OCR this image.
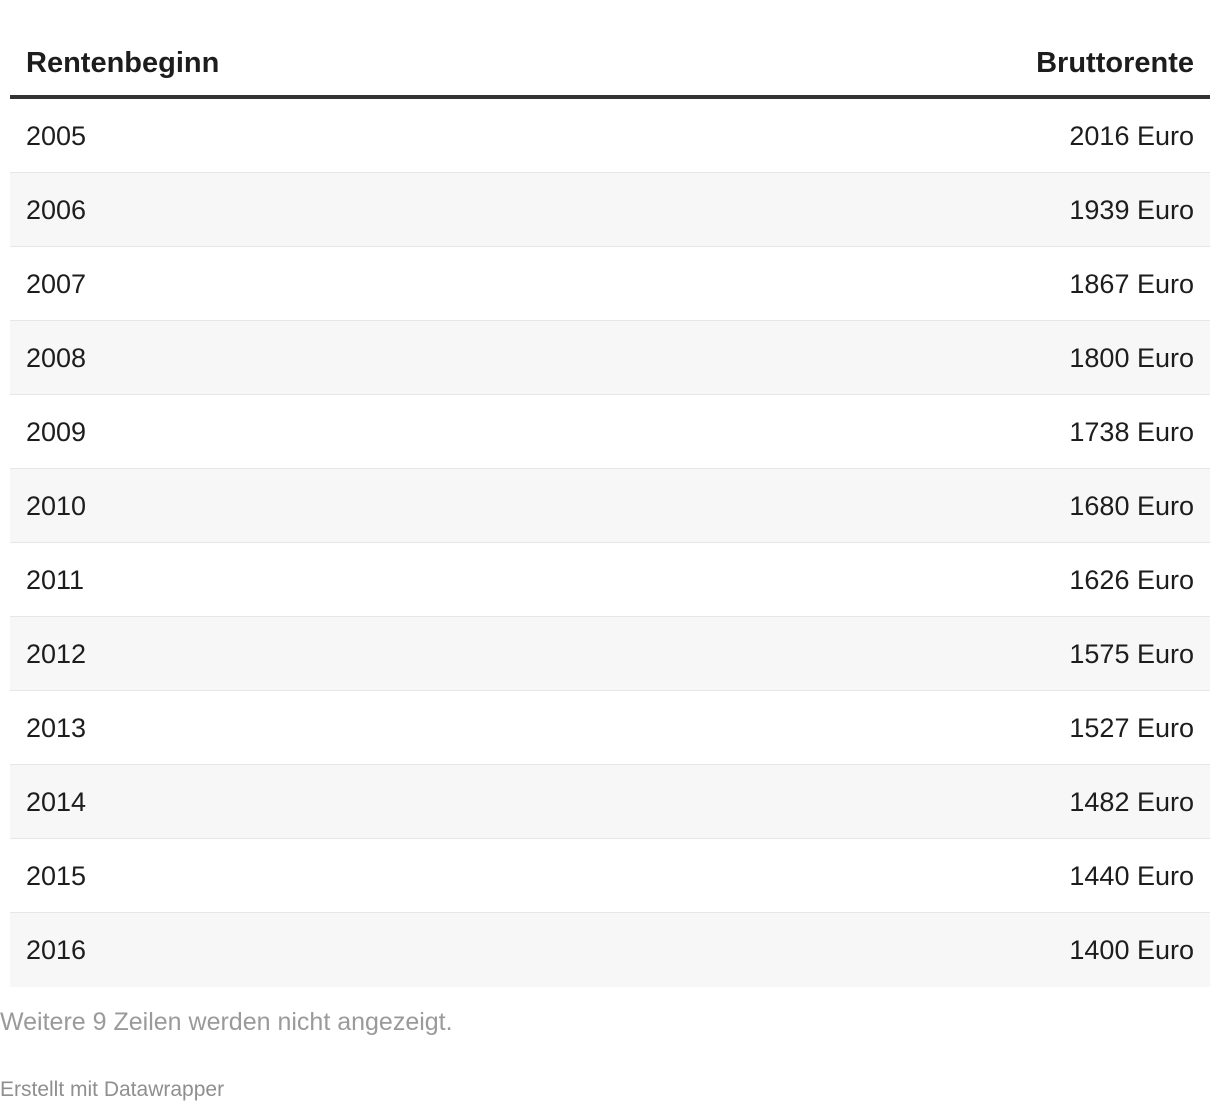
Rentenbeginn	Bruttorente
2005	2016 Euro
2006	1939 Euro
2007	1867 Euro
2008	1800 Euro
2009	1738 Euro
2010	1680 Euro
2011	1626 Euro
2012	1575 Euro
2013	1527 Euro
2014	1482 Euro
2015	1440 Euro
2016	1400 Euro
Weitere 9 Zeilen werden nicht angezeigt.
Erstellt mit Datawrapper
